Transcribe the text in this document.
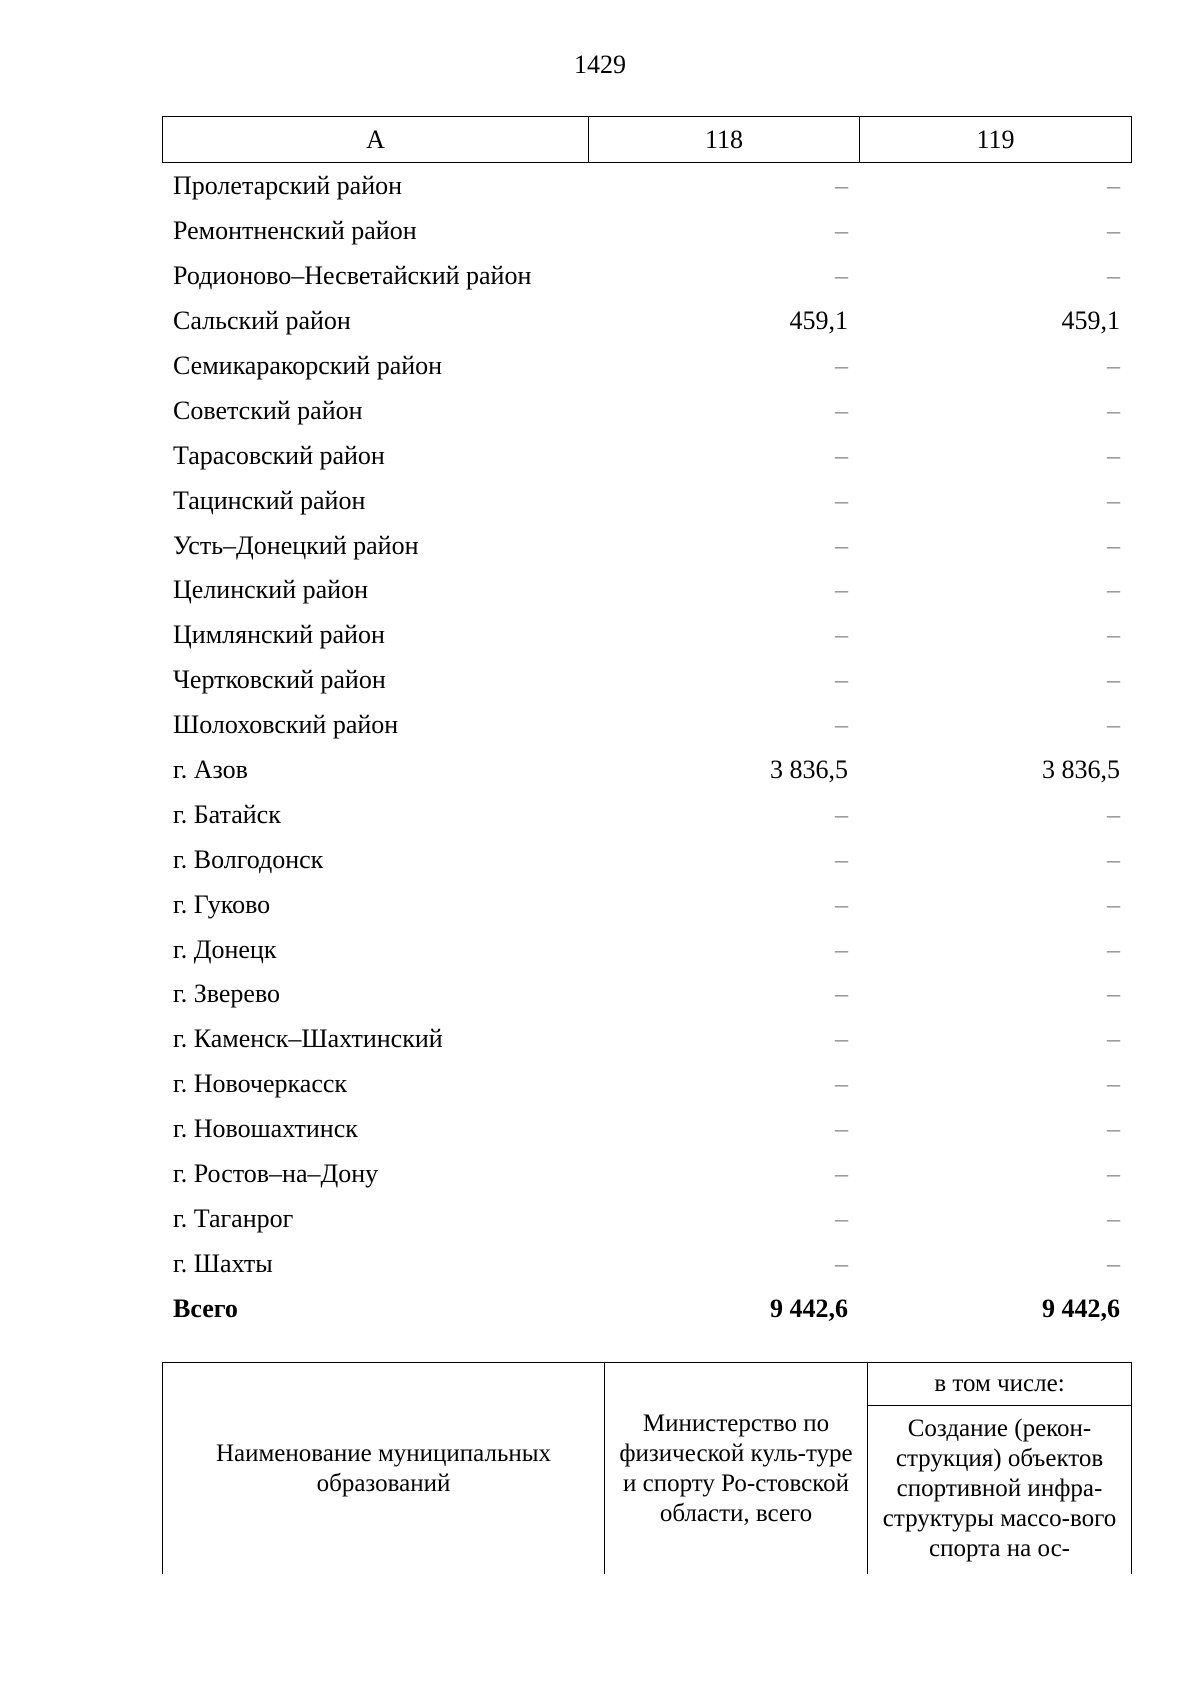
1429
А	118	119
Пролетарский район	–	–
Ремонтненский район	–	–
Родионово–Несветайский район	–	–
Сальский район	459,1	459,1
Семикаракорский район	–	–
Советский район	–	–
Тарасовский район	–	–
Тацинский район	–	–
Усть–Донецкий район	–	–
Целинский район	–	–
Цимлянский район	–	–
Чертковский район	–	–
Шолоховский район	–	–
г. Азов	3 836,5	3 836,5
г. Батайск	–	–
г. Волгодонск	–	–
г. Гуково	–	–
г. Донецк	–	–
г. Зверево	–	–
г. Каменск–Шахтинский	–	–
г. Новочеркасск	–	–
г. Новошахтинск	–	–
г. Ростов–на–Дону	–	–
г. Таганрог	–	–
г. Шахты	–	–
Всего	9 442,6	9 442,6
Наименование муниципальных образований	Министерство по физической куль-туре и спорту Ро-стовской области, всего	в том числе:

Создание (рекон-струкция) объектов спортивной инфра-структуры массо-вого спорта на ос-
